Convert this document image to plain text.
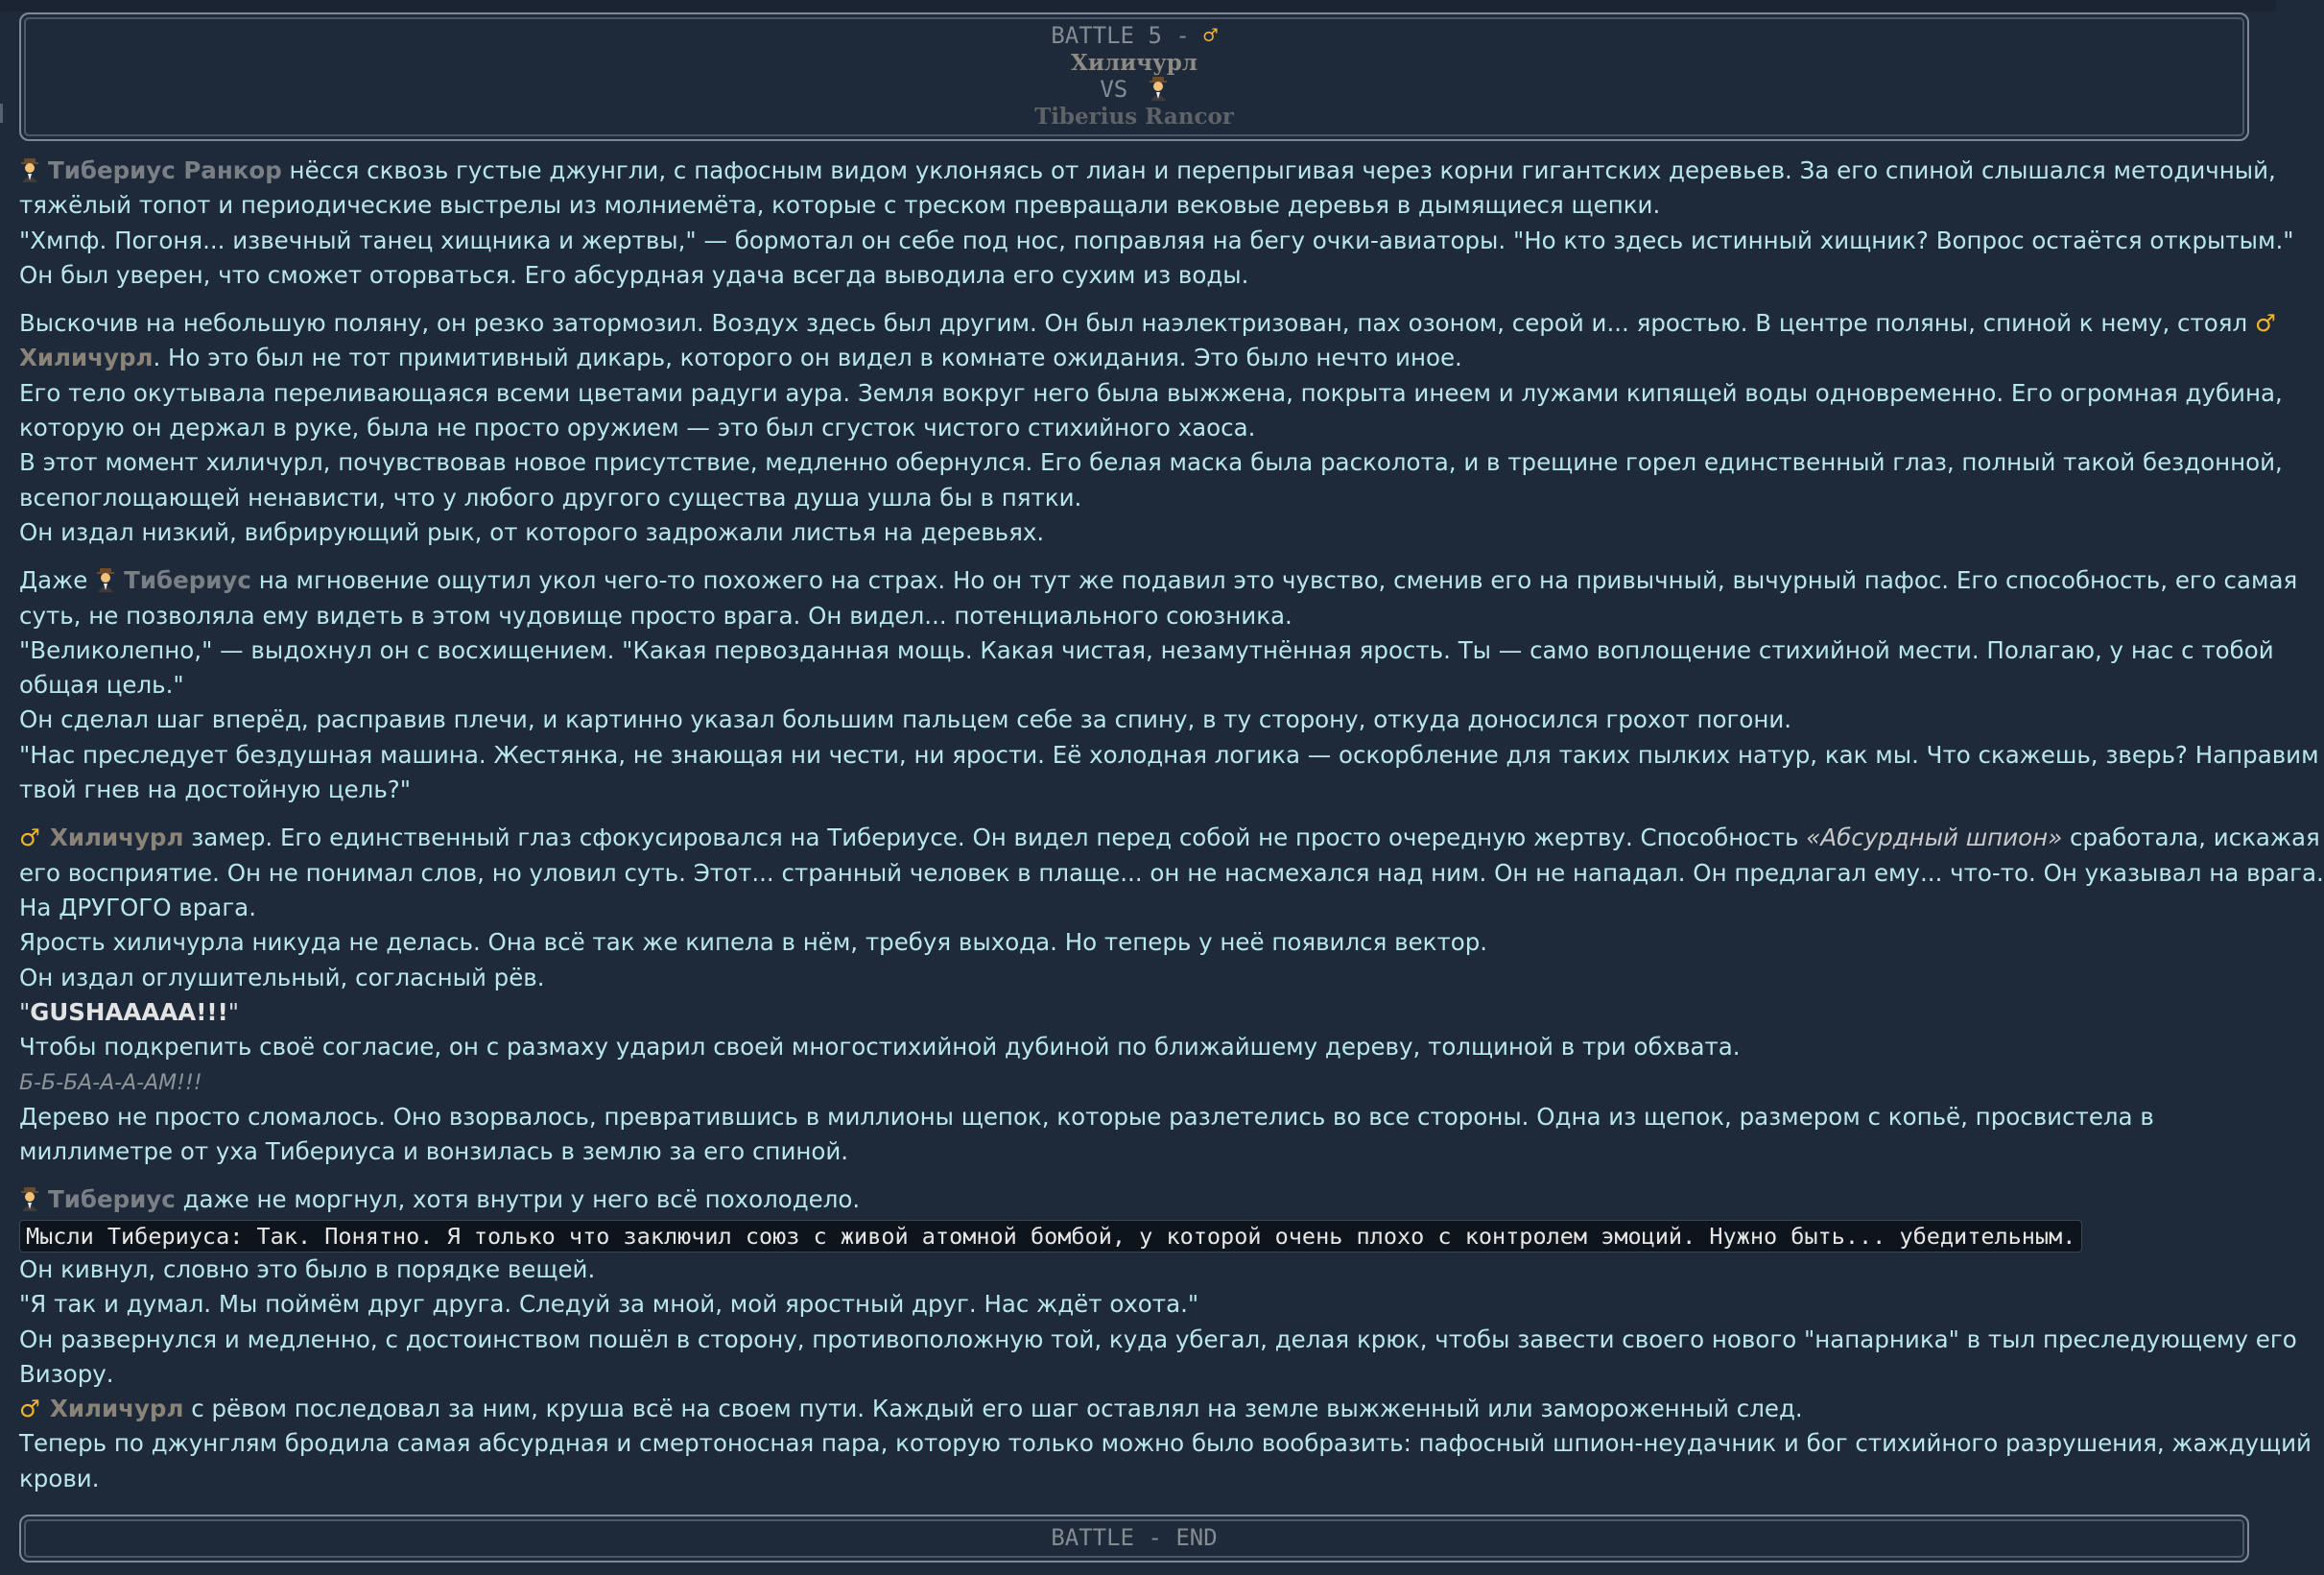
BATTLE 5 - ♂
Хиличурл
VS
Tiberius Rancor
Тибериус Ранкор нёсся сквозь густые джунгли, с пафосным видом уклоняясь от лиан и перепрыгивая через корни гигантских деревьев. За его спиной слышался методичный,
тяжёлый топот и периодические выстрелы из молниемёта, которые с треском превращали вековые деревья в дымящиеся щепки.
"Хмпф. Погоня... извечный танец хищника и жертвы," — бормотал он себе под нос, поправляя на бегу очки-авиаторы. "Но кто здесь истинный хищник? Вопрос остаётся открытым."
Он был уверен, что сможет оторваться. Его абсурдная удача всегда выводила его сухим из воды.
Выскочив на небольшую поляну, он резко затормозил. Воздух здесь был другим. Он был наэлектризован, пах озоном, серой и... яростью. В центре поляны, спиной к нему, стоял ♂
Хиличурл. Но это был не тот примитивный дикарь, которого он видел в комнате ожидания. Это было нечто иное.
Его тело окутывала переливающаяся всеми цветами радуги аура. Земля вокруг него была выжжена, покрыта инеем и лужами кипящей воды одновременно. Его огромная дубина,
которую он держал в руке, была не просто оружием — это был сгусток чистого стихийного хаоса.
В этот момент хиличурл, почувствовав новое присутствие, медленно обернулся. Его белая маска была расколота, и в трещине горел единственный глаз, полный такой бездонной,
всепоглощающей ненависти, что у любого другого существа душа ушла бы в пятки.
Он издал низкий, вибрирующий рык, от которого задрожали листья на деревьях.
Даже Тибериус на мгновение ощутил укол чего-то похожего на страх. Но он тут же подавил это чувство, сменив его на привычный, вычурный пафос. Его способность, его самая
суть, не позволяла ему видеть в этом чудовище просто врага. Он видел... потенциального союзника.
"Великолепно," — выдохнул он с восхищением. "Какая первозданная мощь. Какая чистая, незамутнённая ярость. Ты — само воплощение стихийной мести. Полагаю, у нас с тобой
общая цель."
Он сделал шаг вперёд, расправив плечи, и картинно указал большим пальцем себе за спину, в ту сторону, откуда доносился грохот погони.
"Нас преследует бездушная машина. Жестянка, не знающая ни чести, ни ярости. Её холодная логика — оскорбление для таких пылких натур, как мы. Что скажешь, зверь? Направим
твой гнев на достойную цель?"
♂ Хиличурл замер. Его единственный глаз сфокусировался на Тибериусе. Он видел перед собой не просто очередную жертву. Способность «Абсурдный шпион» сработала, искажая
его восприятие. Он не понимал слов, но уловил суть. Этот... странный человек в плаще... он не насмехался над ним. Он не нападал. Он предлагал ему... что-то. Он указывал на врага.
На ДРУГОГО врага.
Ярость хиличурла никуда не делась. Она всё так же кипела в нём, требуя выхода. Но теперь у неё появился вектор.
Он издал оглушительный, согласный рёв.
"GUSHAAAAA!!!"
Чтобы подкрепить своё согласие, он с размаху ударил своей многостихийной дубиной по ближайшему дереву, толщиной в три обхвата.
Б-Б-БА-А-А-АМ!!!
Дерево не просто сломалось. Оно взорвалось, превратившись в миллионы щепок, которые разлетелись во все стороны. Одна из щепок, размером с копьё, просвистела в
миллиметре от уха Тибериуса и вонзилась в землю за его спиной.
Тибериус даже не моргнул, хотя внутри у него всё похолодело.
Мысли Тибериуса: Так. Понятно. Я только что заключил союз с живой атомной бомбой, у которой очень плохо с контролем эмоций. Нужно быть... убедительным.
Он кивнул, словно это было в порядке вещей.
"Я так и думал. Мы поймём друг друга. Следуй за мной, мой яростный друг. Нас ждёт охота."
Он развернулся и медленно, с достоинством пошёл в сторону, противоположную той, куда убегал, делая крюк, чтобы завести своего нового "напарника" в тыл преследующему его
Визору.
♂ Хиличурл с рёвом последовал за ним, круша всё на своем пути. Каждый его шаг оставлял на земле выжженный или замороженный след.
Теперь по джунглям бродила самая абсурдная и смертоносная пара, которую только можно было вообразить: пафосный шпион-неудачник и бог стихийного разрушения, жаждущий
крови.
BATTLE - END
